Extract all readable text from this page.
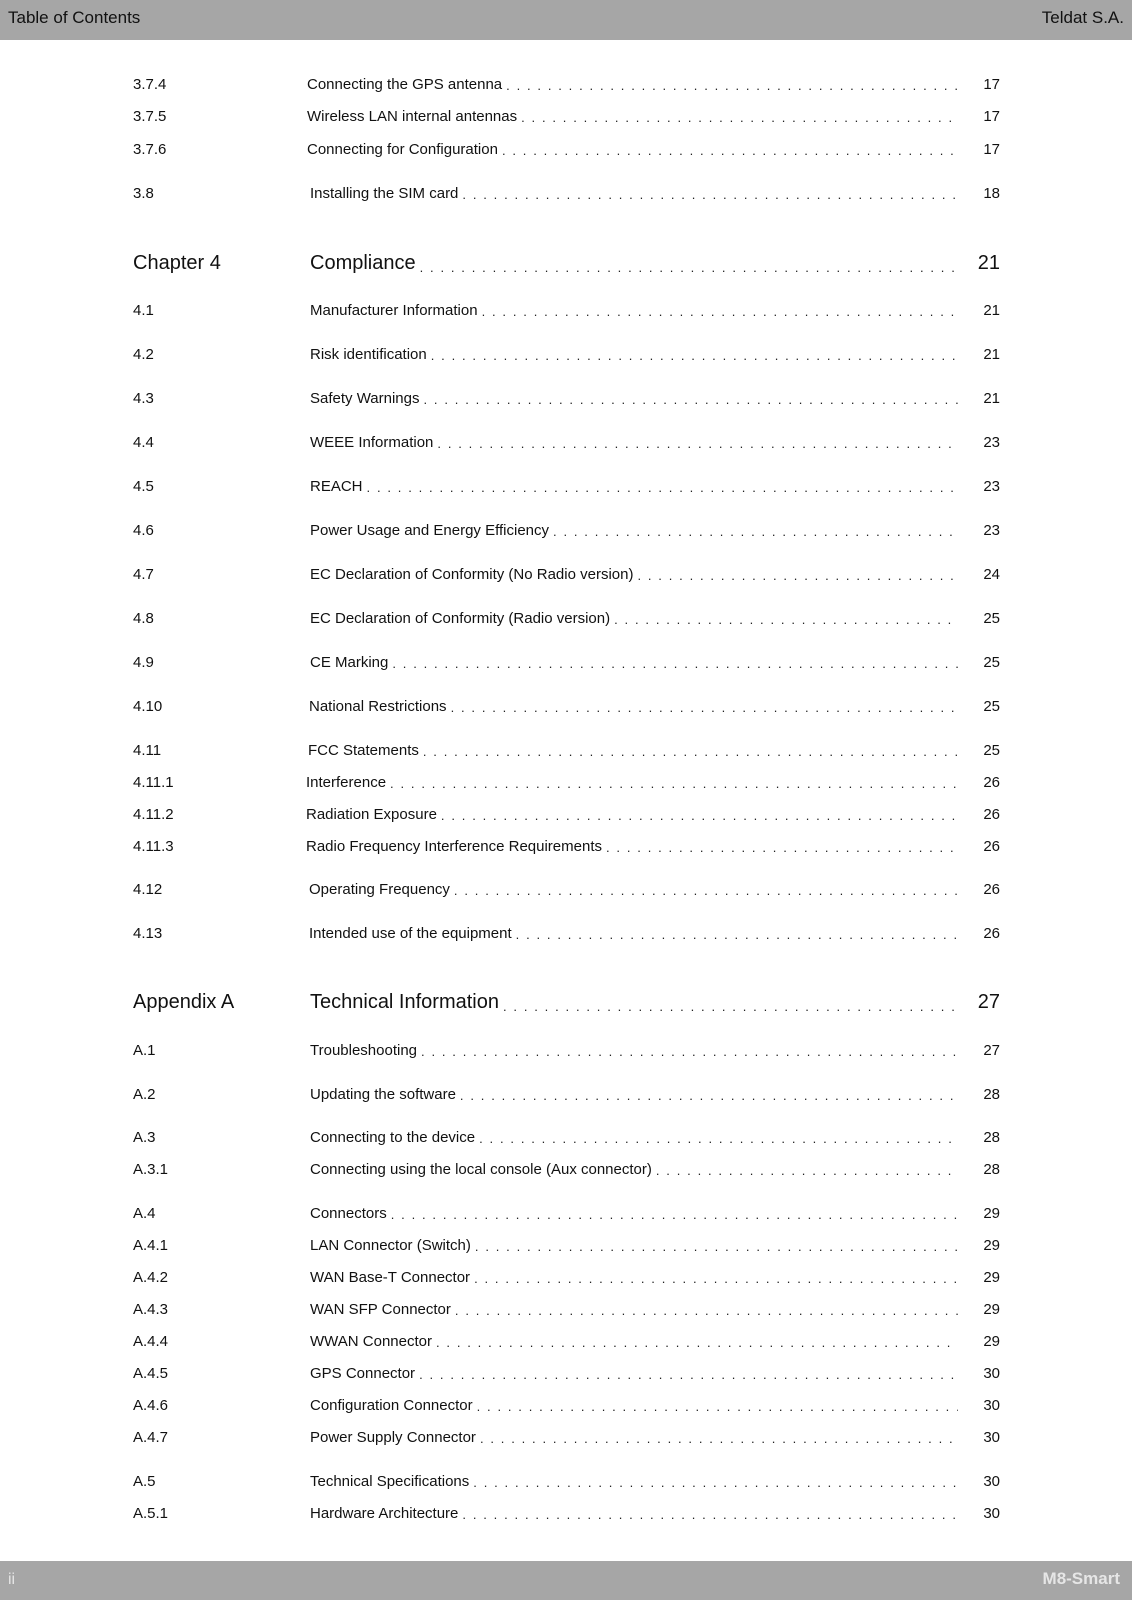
Table of Contents	Teldat S.A.
3.7.4	Connecting the GPS antenna . . .	17
3.7.5	Wireless LAN internal antennas . . .	17
3.7.6	Connecting for Configuration . . .	17
3.8	Installing the SIM card . . .	18
Chapter 4	Compliance . . .	21
4.1	Manufacturer Information . . .	21
4.2	Risk identification . . .	21
4.3	Safety Warnings . . .	21
4.4	WEEE Information . . .	23
4.5	REACH . . .	23
4.6	Power Usage and Energy Efficiency . . .	23
4.7	EC Declaration of Conformity (No Radio version) . . .	24
4.8	EC Declaration of Conformity (Radio version) . . .	25
4.9	CE Marking . . .	25
4.10	National Restrictions . . .	25
4.11	FCC Statements . . .	25
4.11.1	Interference . . .	26
4.11.2	Radiation Exposure . . .	26
4.11.3	Radio Frequency Interference Requirements . . .	26
4.12	Operating Frequency . . .	26
4.13	Intended use of the equipment . . .	26
Appendix A	Technical Information . . .	27
A.1	Troubleshooting . . .	27
A.2	Updating the software . . .	28
A.3	Connecting to the device . . .	28
A.3.1	Connecting using the local console (Aux connector) . . .	28
A.4	Connectors . . .	29
A.4.1	LAN Connector (Switch) . . .	29
A.4.2	WAN Base-T Connector . . .	29
A.4.3	WAN SFP Connector . . .	29
A.4.4	WWAN Connector . . .	29
A.4.5	GPS Connector . . .	30
A.4.6	Configuration Connector . . .	30
A.4.7	Power Supply Connector . . .	30
A.5	Technical Specifications . . .	30
A.5.1	Hardware Architecture . . .	30
ii	M8-Smart
